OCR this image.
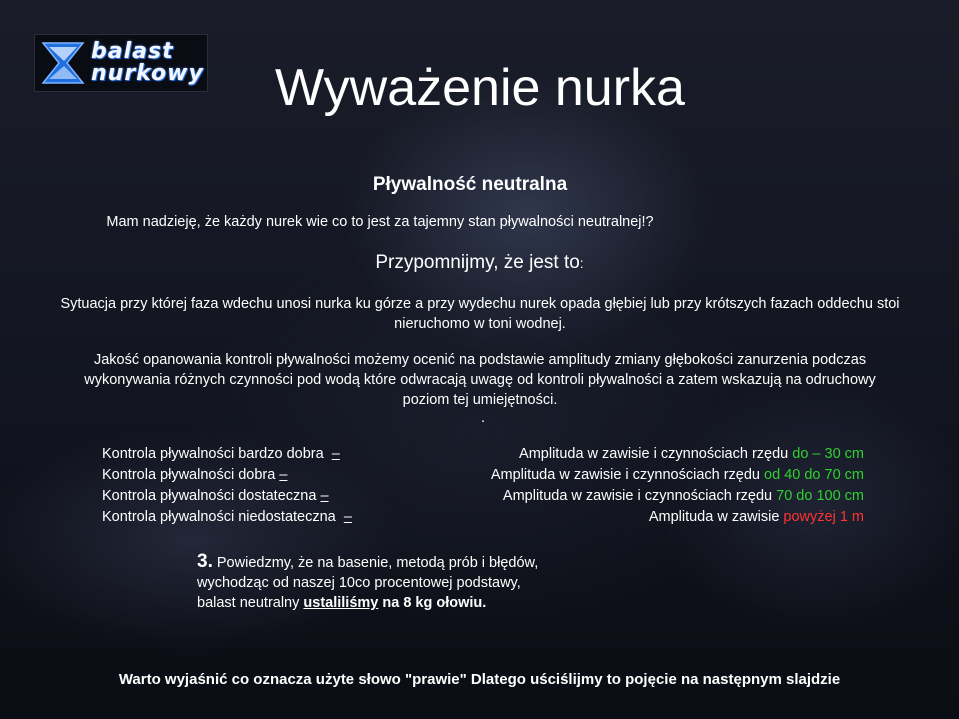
balast
nurkowy	Wyważenie nurka
Pływalność neutralna
Mam nadzieję, że każdy nurek wie co to jest za tajemny stan pływalności neutralnej!?
Przypomnijmy, że jest to:
Sytuacja przy której faza wdechu unosi nurka ku górze a przy wydechu nurek opada głębiej lub przy krótszych fazach oddechu stoi nieruchomo w toni wodnej.
Jakość opanowania kontroli pływalności możemy ocenić na podstawie amplitudy zmiany głębokości zanurzenia podczas wykonywania różnych czynności pod wodą które odwracają uwagę od kontroli pływalności a zatem wskazują na odruchowy poziom tej umiejętności.
.
Kontrola pływalności bardzo dobra –
Kontrola pływalności dobra –
Kontrola pływalności dostateczna –
Kontrola pływalności niedostateczna –
Amplituda w zawisie i czynnościach rzędu do – 30 cm
Amplituda w zawisie i czynnościach rzędu od 40 do 70 cm
Amplituda w zawisie i czynnościach rzędu 70 do 100 cm
Amplituda w zawisie powyżej 1 m
3. Powiedzmy, że na basenie, metodą prób i błędów,
wychodząc od naszej 10co procentowej podstawy,
balast neutralny ustaliliśmy na 8 kg ołowiu.
Warto wyjaśnić co oznacza użyte słowo "prawie" Dlatego uściślijmy to pojęcie na następnym slajdzie
